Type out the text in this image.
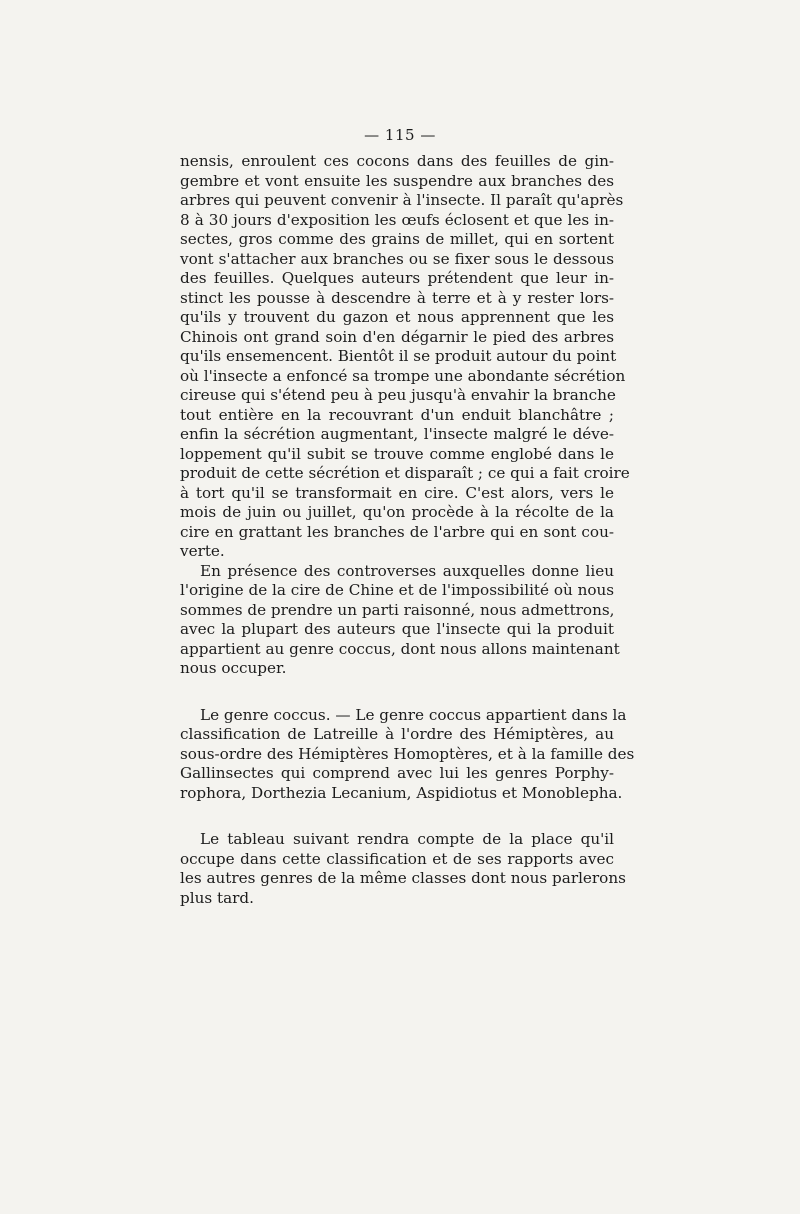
— 115 —
nensis, enroulent ces cocons dans des feuilles de gin-
gembre et vont ensuite les suspendre aux branches des
arbres qui peuvent convenir à l'insecte. Il paraît qu'après
8 à 30 jours d'exposition les œufs éclosent et que les in-
sectes, gros comme des grains de millet, qui en sortent
vont s'attacher aux branches ou se fixer sous le dessous
des feuilles. Quelques auteurs prétendent que leur in-
stinct les pousse à descendre à terre et à y rester lors-
qu'ils y trouvent du gazon et nous apprennent que les
Chinois ont grand soin d'en dégarnir le pied des arbres
qu'ils ensemencent. Bientôt il se produit autour du point
où l'insecte a enfoncé sa trompe une abondante sécrétion
cireuse qui s'étend peu à peu jusqu'à envahir la branche
tout entière en la recouvrant d'un enduit blanchâtre ;
enfin la sécrétion augmentant, l'insecte malgré le déve-
loppement qu'il subit se trouve comme englobé dans le
produit de cette sécrétion et disparaît ; ce qui a fait croire
à tort qu'il se transformait en cire. C'est alors, vers le
mois de juin ou juillet, qu'on procède à la récolte de la
cire en grattant les branches de l'arbre qui en sont cou-
verte.
En présence des controverses auxquelles donne lieu
l'origine de la cire de Chine et de l'impossibilité où nous
sommes de prendre un parti raisonné, nous admettrons,
avec la plupart des auteurs que l'insecte qui la produit
appartient au genre coccus, dont nous allons maintenant
nous occuper.
Le genre coccus. — Le genre coccus appartient dans la
classification de Latreille à l'ordre des Hémiptères, au
sous-ordre des Hémiptères Homoptères, et à la famille des
Gallinsectes qui comprend avec lui les genres Porphy-
rophora, Dorthezia Lecanium, Aspidiotus et Monoblepha.
Le tableau suivant rendra compte de la place qu'il
occupe dans cette classification et de ses rapports avec
les autres genres de la même classes dont nous parlerons
plus tard.
